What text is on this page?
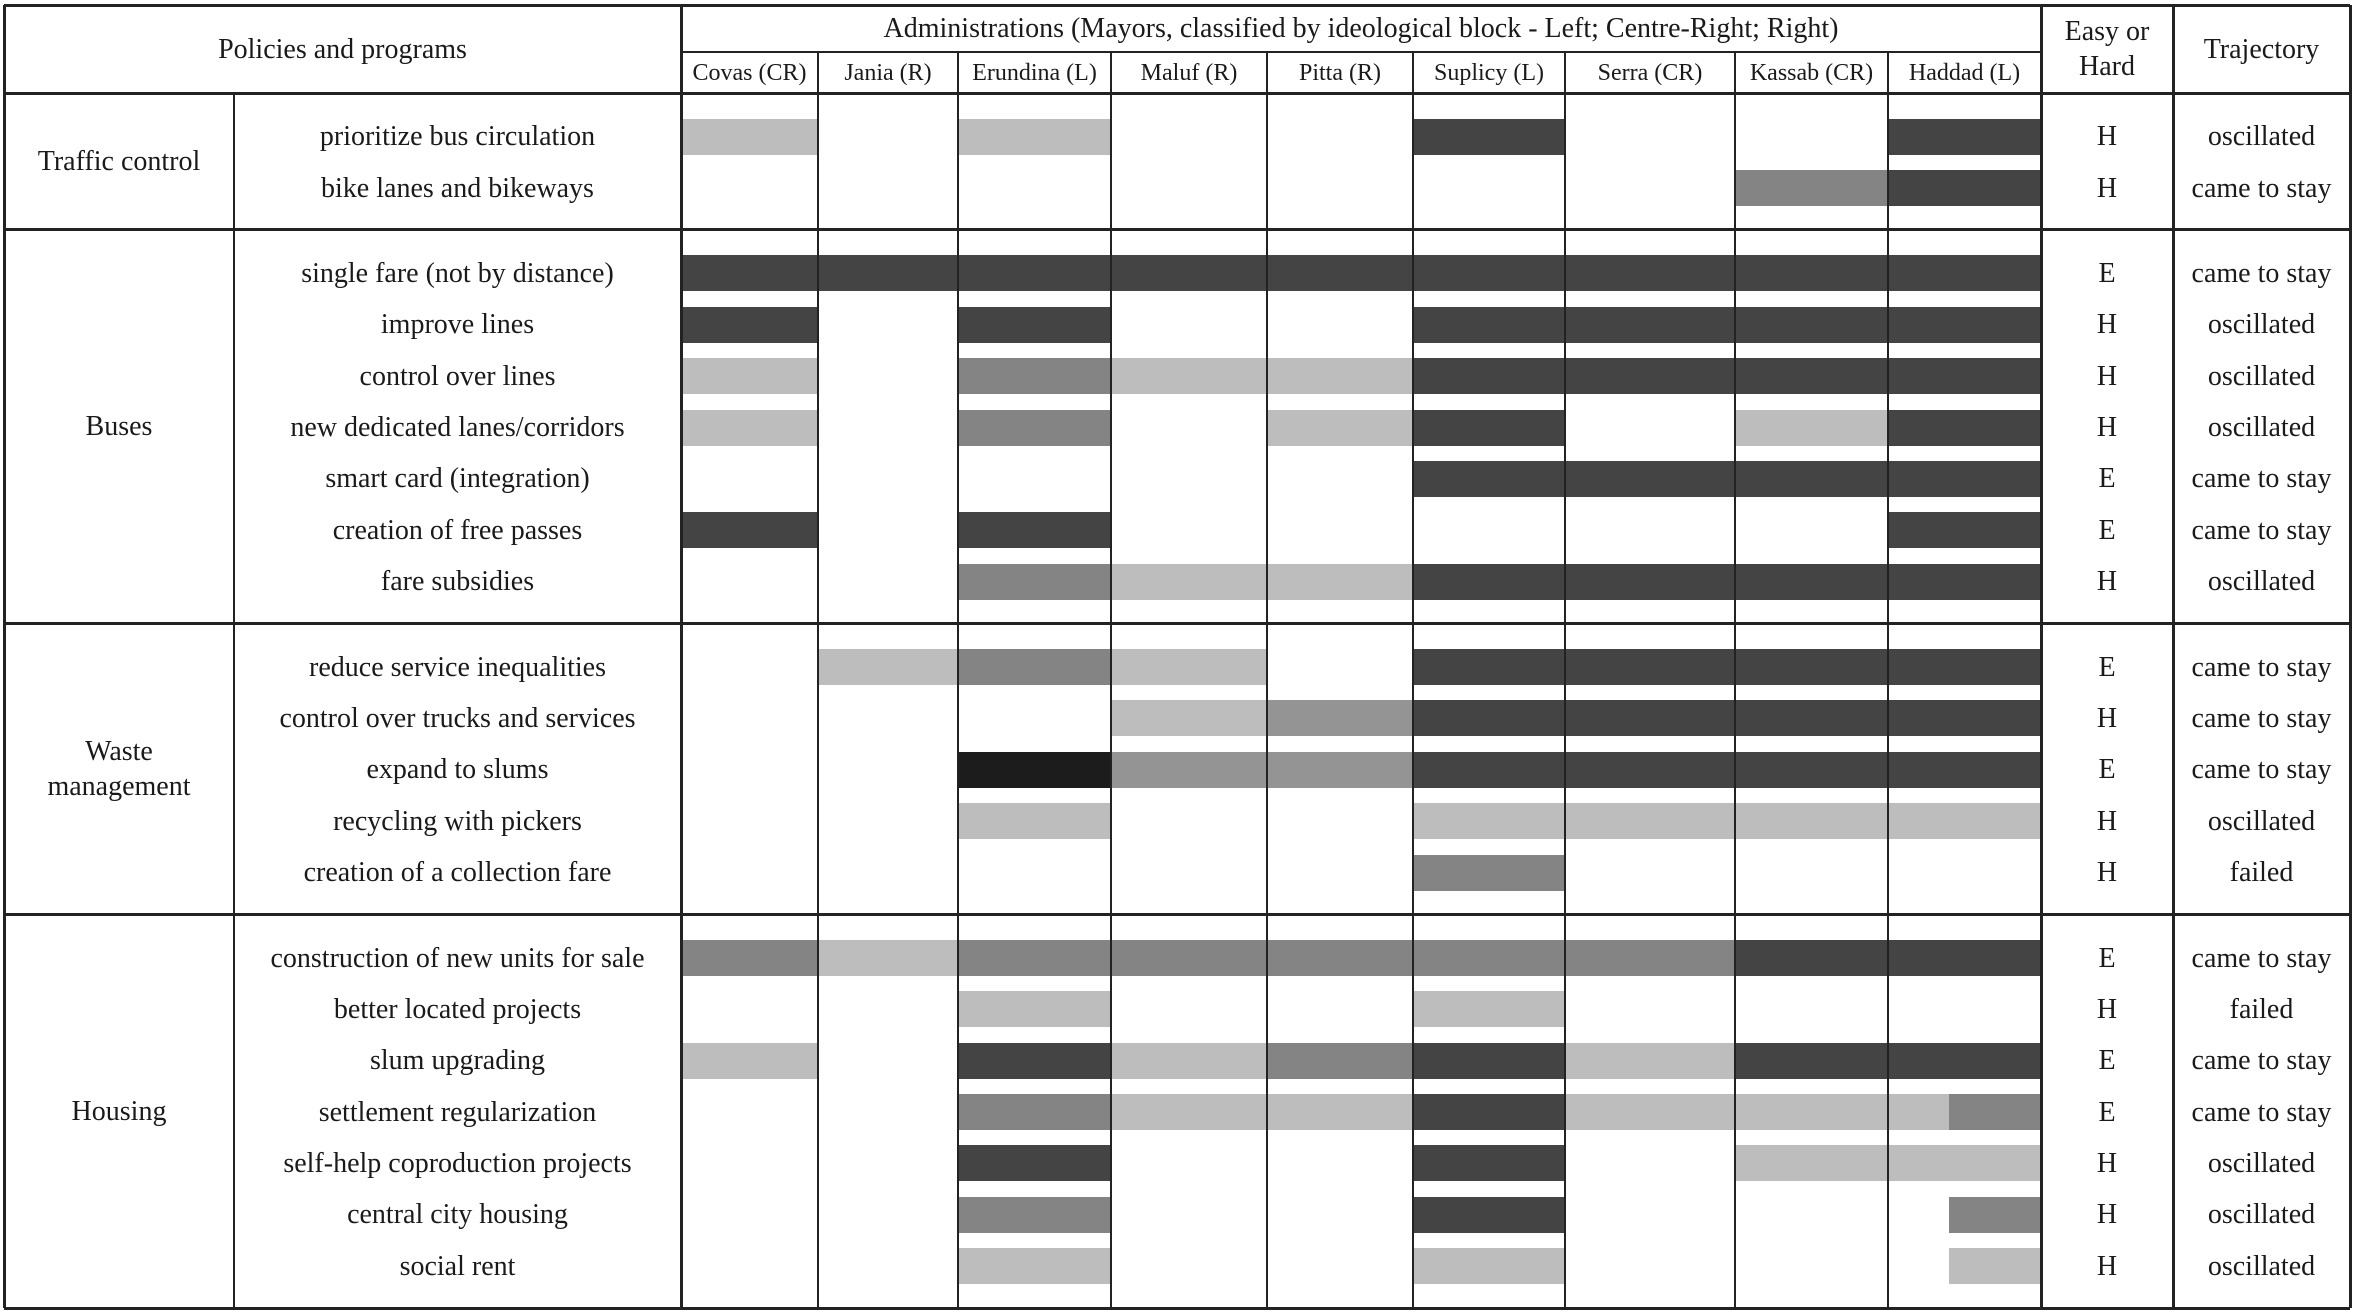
Policies and programs
Administrations (Mayors, classified by ideological block - Left; Centre-Right; Right)
Covas (CR)	Jania (R)	Erundina (L)	Maluf (R)	Pitta (R)	Suplicy (L)	Serra (CR)	Kassab (CR)	Haddad (L)
Easy or
Hard
Trajectory
Traffic control
prioritize bus circulation	H	oscillated
bike lanes and bikeways	H	came to stay
Buses
single fare (not by distance)	E	came to stay
improve lines	H	oscillated
control over lines	H	oscillated
new dedicated lanes/corridors	H	oscillated
smart card (integration)	E	came to stay
creation of free passes	E	came to stay
fare subsidies	H	oscillated
Waste management
reduce service inequalities	E	came to stay
control over trucks and services	H	came to stay
expand to slums	E	came to stay
recycling with pickers	H	oscillated
creation of a collection fare	H	failed
Housing
construction of new units for sale	E	came to stay
better located projects	H	failed
slum upgrading	E	came to stay
settlement regularization	E	came to stay
self-help coproduction projects	H	oscillated
central city housing	H	oscillated
social rent	H	oscillated
